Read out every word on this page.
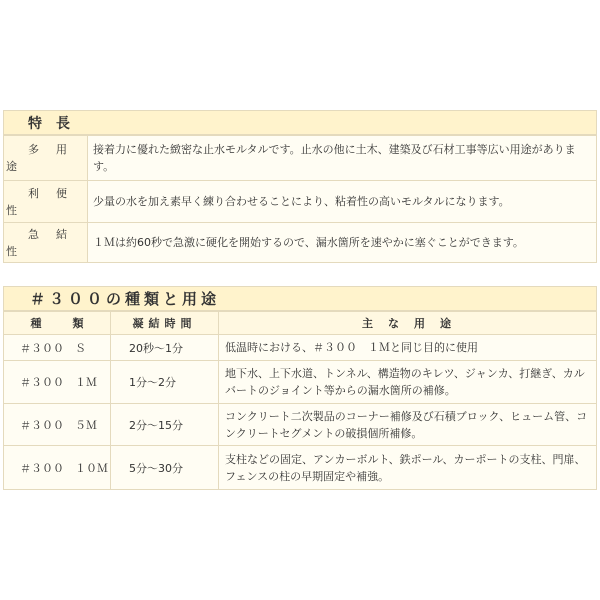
特　長
多　用
途	接着力に優れた緻密な止水モルタルです。止水の他に土木、建築及び石材工事等広い用途がありま
す。

利　便
性	少量の水を加え素早く練り合わせることにより、粘着性の高いモルタルになります。

急　結
性	１Ｍは約60秒で急激に硬化を開始するので、漏水箇所を速やかに塞ぐことができます。
＃３００の種類と用途
種　類	凝結時間	主　な　用　途
＃３００　Ｓ	20秒〜1分	低温時における、＃３００　１Ｍと同じ目的に使用

＃３００　１Ｍ	1分〜2分	地下水、上下水道、トンネル、構造物のキレツ、ジャンカ、打継ぎ、カル
バートのジョイント等からの漏水箇所の補修。

＃３００　５Ｍ	2分〜15分	コンクリート二次製品のコーナー補修及び石積ブロック、ヒューム管、コ
ンクリートセグメントの破損個所補修。

＃３００　１０Ｍ	5分〜30分	支柱などの固定、アンカーボルト、鉄ポール、カーポートの支柱、門扉、
フェンスの柱の早期固定や補強。
